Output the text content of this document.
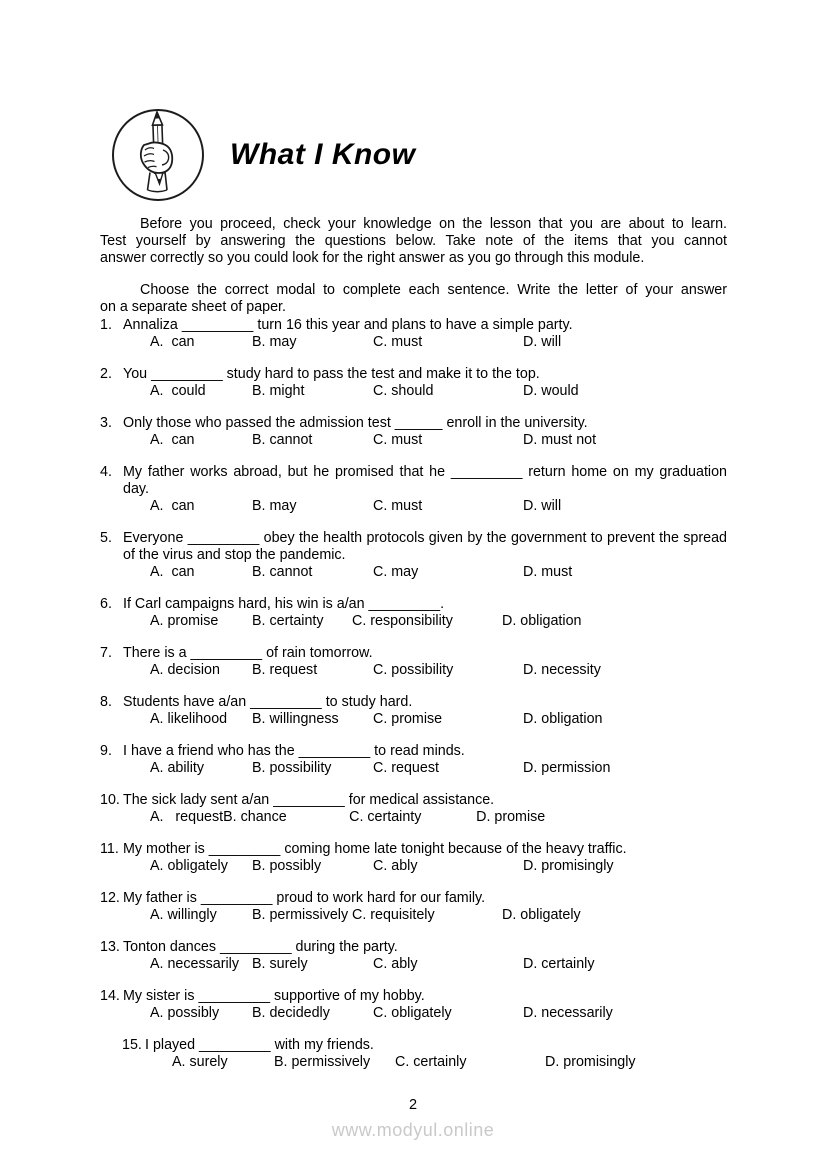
What I Know

Before you proceed, check your knowledge on the lesson that you are about to learn.
Test yourself by answering the questions below. Take note of the items that you cannot
answer correctly so you could look for the right answer as you go through this module.

Choose the correct modal to complete each sentence. Write the letter of your answer
on a separate sheet of paper.

1. Annaliza _________ turn 16 this year and plans to have a simple party.
A.  can	B. may	C. must	D. will
2. You _________ study hard to pass the test and make it to the top.
A.  could	B. might	C. should	D. would
3. Only those who passed the admission test ______ enroll in the university.
A.  can	B. cannot	C. must	D. must not
4. My father works abroad, but he promised that he _________ return home on my graduation
day.
A.  can	B. may	C. must	D. will
5. Everyone _________ obey the health protocols given by the government to prevent the spread
of the virus and stop the pandemic.
A.  can	B. cannot	C. may	D. must
6. If Carl campaigns hard, his win is a/an _________.
A. promise	B. certainty	C. responsibility	D. obligation
7. There is a _________ of rain tomorrow.
A. decision	B. request	C. possibility	D. necessity
8. Students have a/an _________ to study hard.
A. likelihood	B. willingness	C. promise	D. obligation
9. I have a friend who has the _________ to read minds.
A. ability	B. possibility	C. request	D. permission
10. The sick lady sent a/an _________ for medical assistance.
A.   request B. chance	C. certainty	D. promise
11. My mother is _________ coming home late tonight because of the heavy traffic.
A. obligately	B. possibly	C. ably	D. promisingly
12. My father is _________ proud to work hard for our family.
A. willingly	B. permissively C. requisitely	D. obligately
13. Tonton dances _________ during the party.
A. necessarily B. surely	C. ably	D. certainly
14. My sister is _________ supportive of my hobby.
A. possibly	B. decidedly	C. obligately	D. necessarily
15. I played _________ with my friends.
A. surely	B. permissively	C. certainly	D. promisingly
2
www.modyul.online
